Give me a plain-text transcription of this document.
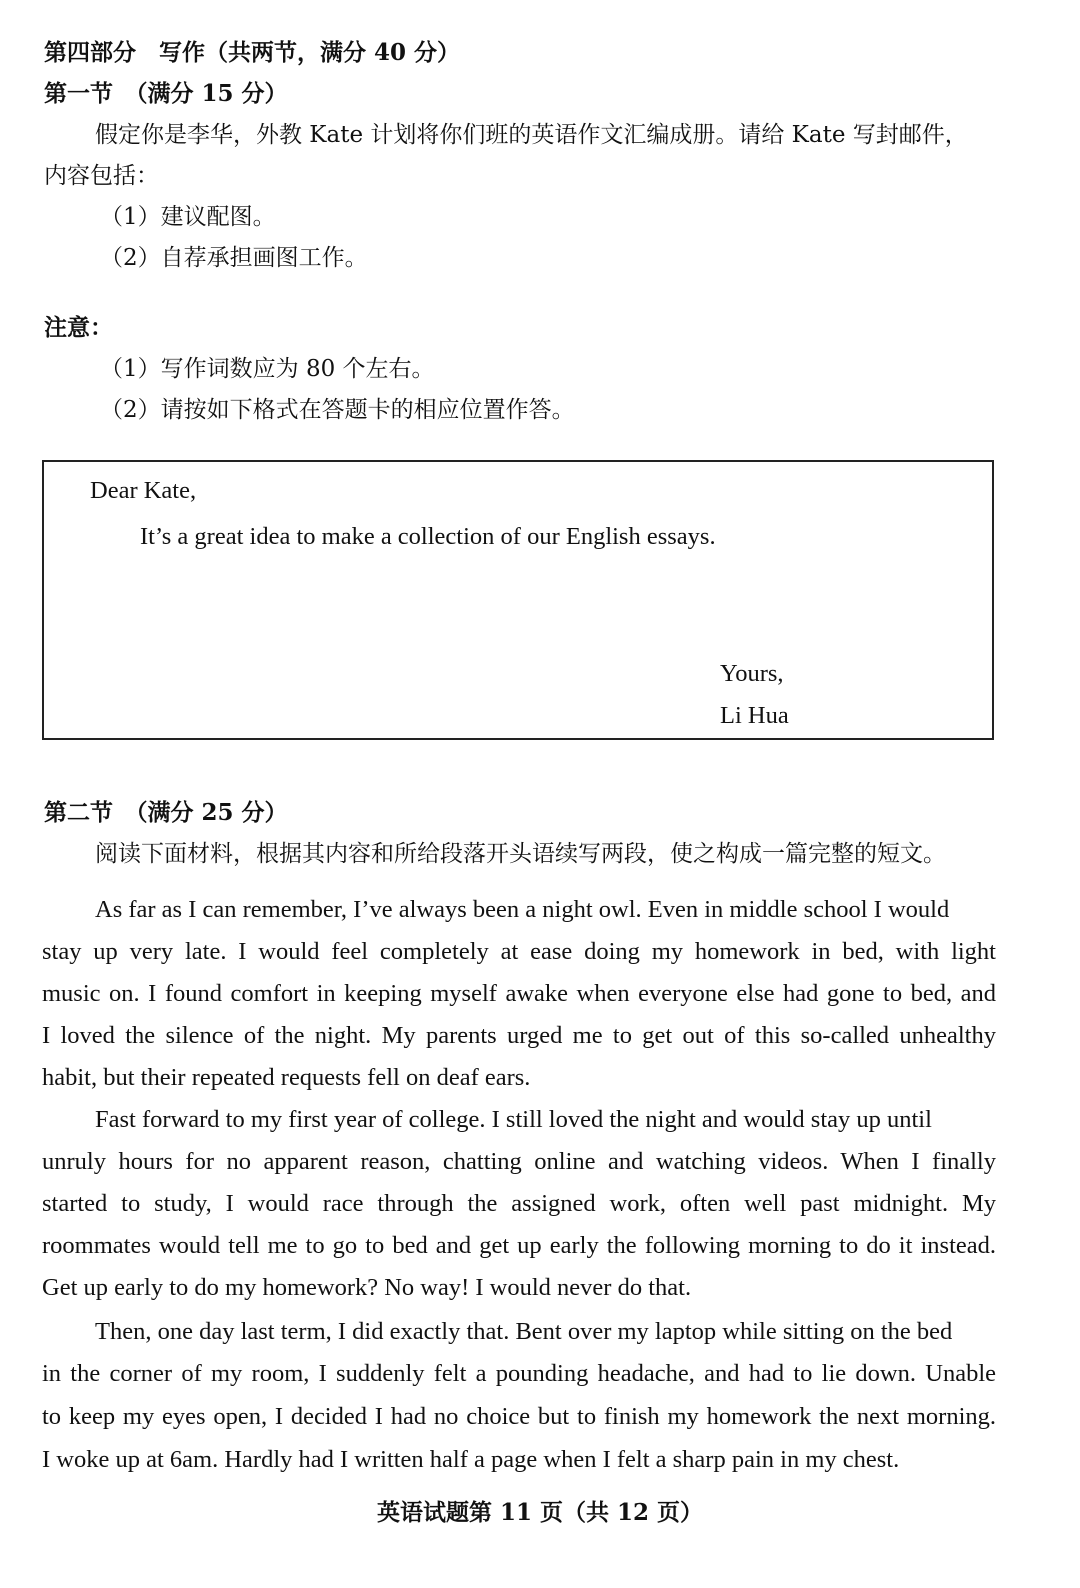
第四部分　写作（共两节，满分 40 分）
第一节　（满分 15 分）
假定你是李华，外教 Kate 计划将你们班的英语作文汇编成册。请给 Kate 写封邮件，
内容包括：
（1）建议配图。
（2）自荐承担画图工作。
注意：
（1）写作词数应为 80 个左右。
（2）请按如下格式在答题卡的相应位置作答。
Dear Kate,
It’s a great idea to make a collection of our English essays.
Yours,
Li Hua
第二节　（满分 25 分）
阅读下面材料，根据其内容和所给段落开头语续写两段，使之构成一篇完整的短文。
As far as I can remember, I’ve always been a night owl. Even in middle school I would
stay up very late. I would feel completely at ease doing my homework in bed, with light
music on. I found comfort in keeping myself awake when everyone else had gone to bed, and
I loved the silence of the night. My parents urged me to get out of this so-called unhealthy
habit, but their repeated requests fell on deaf ears.
Fast forward to my first year of college. I still loved the night and would stay up until
unruly hours for no apparent reason, chatting online and watching videos. When I finally
started to study, I would race through the assigned work, often well past midnight. My
roommates would tell me to go to bed and get up early the following morning to do it instead.
Get up early to do my homework? No way! I would never do that.
Then, one day last term, I did exactly that. Bent over my laptop while sitting on the bed
in the corner of my room, I suddenly felt a pounding headache, and had to lie down. Unable
to keep my eyes open, I decided I had no choice but to finish my homework the next morning.
I woke up at 6am. Hardly had I written half a page when I felt a sharp pain in my chest.
英语试题第 11 页（共 12 页）
